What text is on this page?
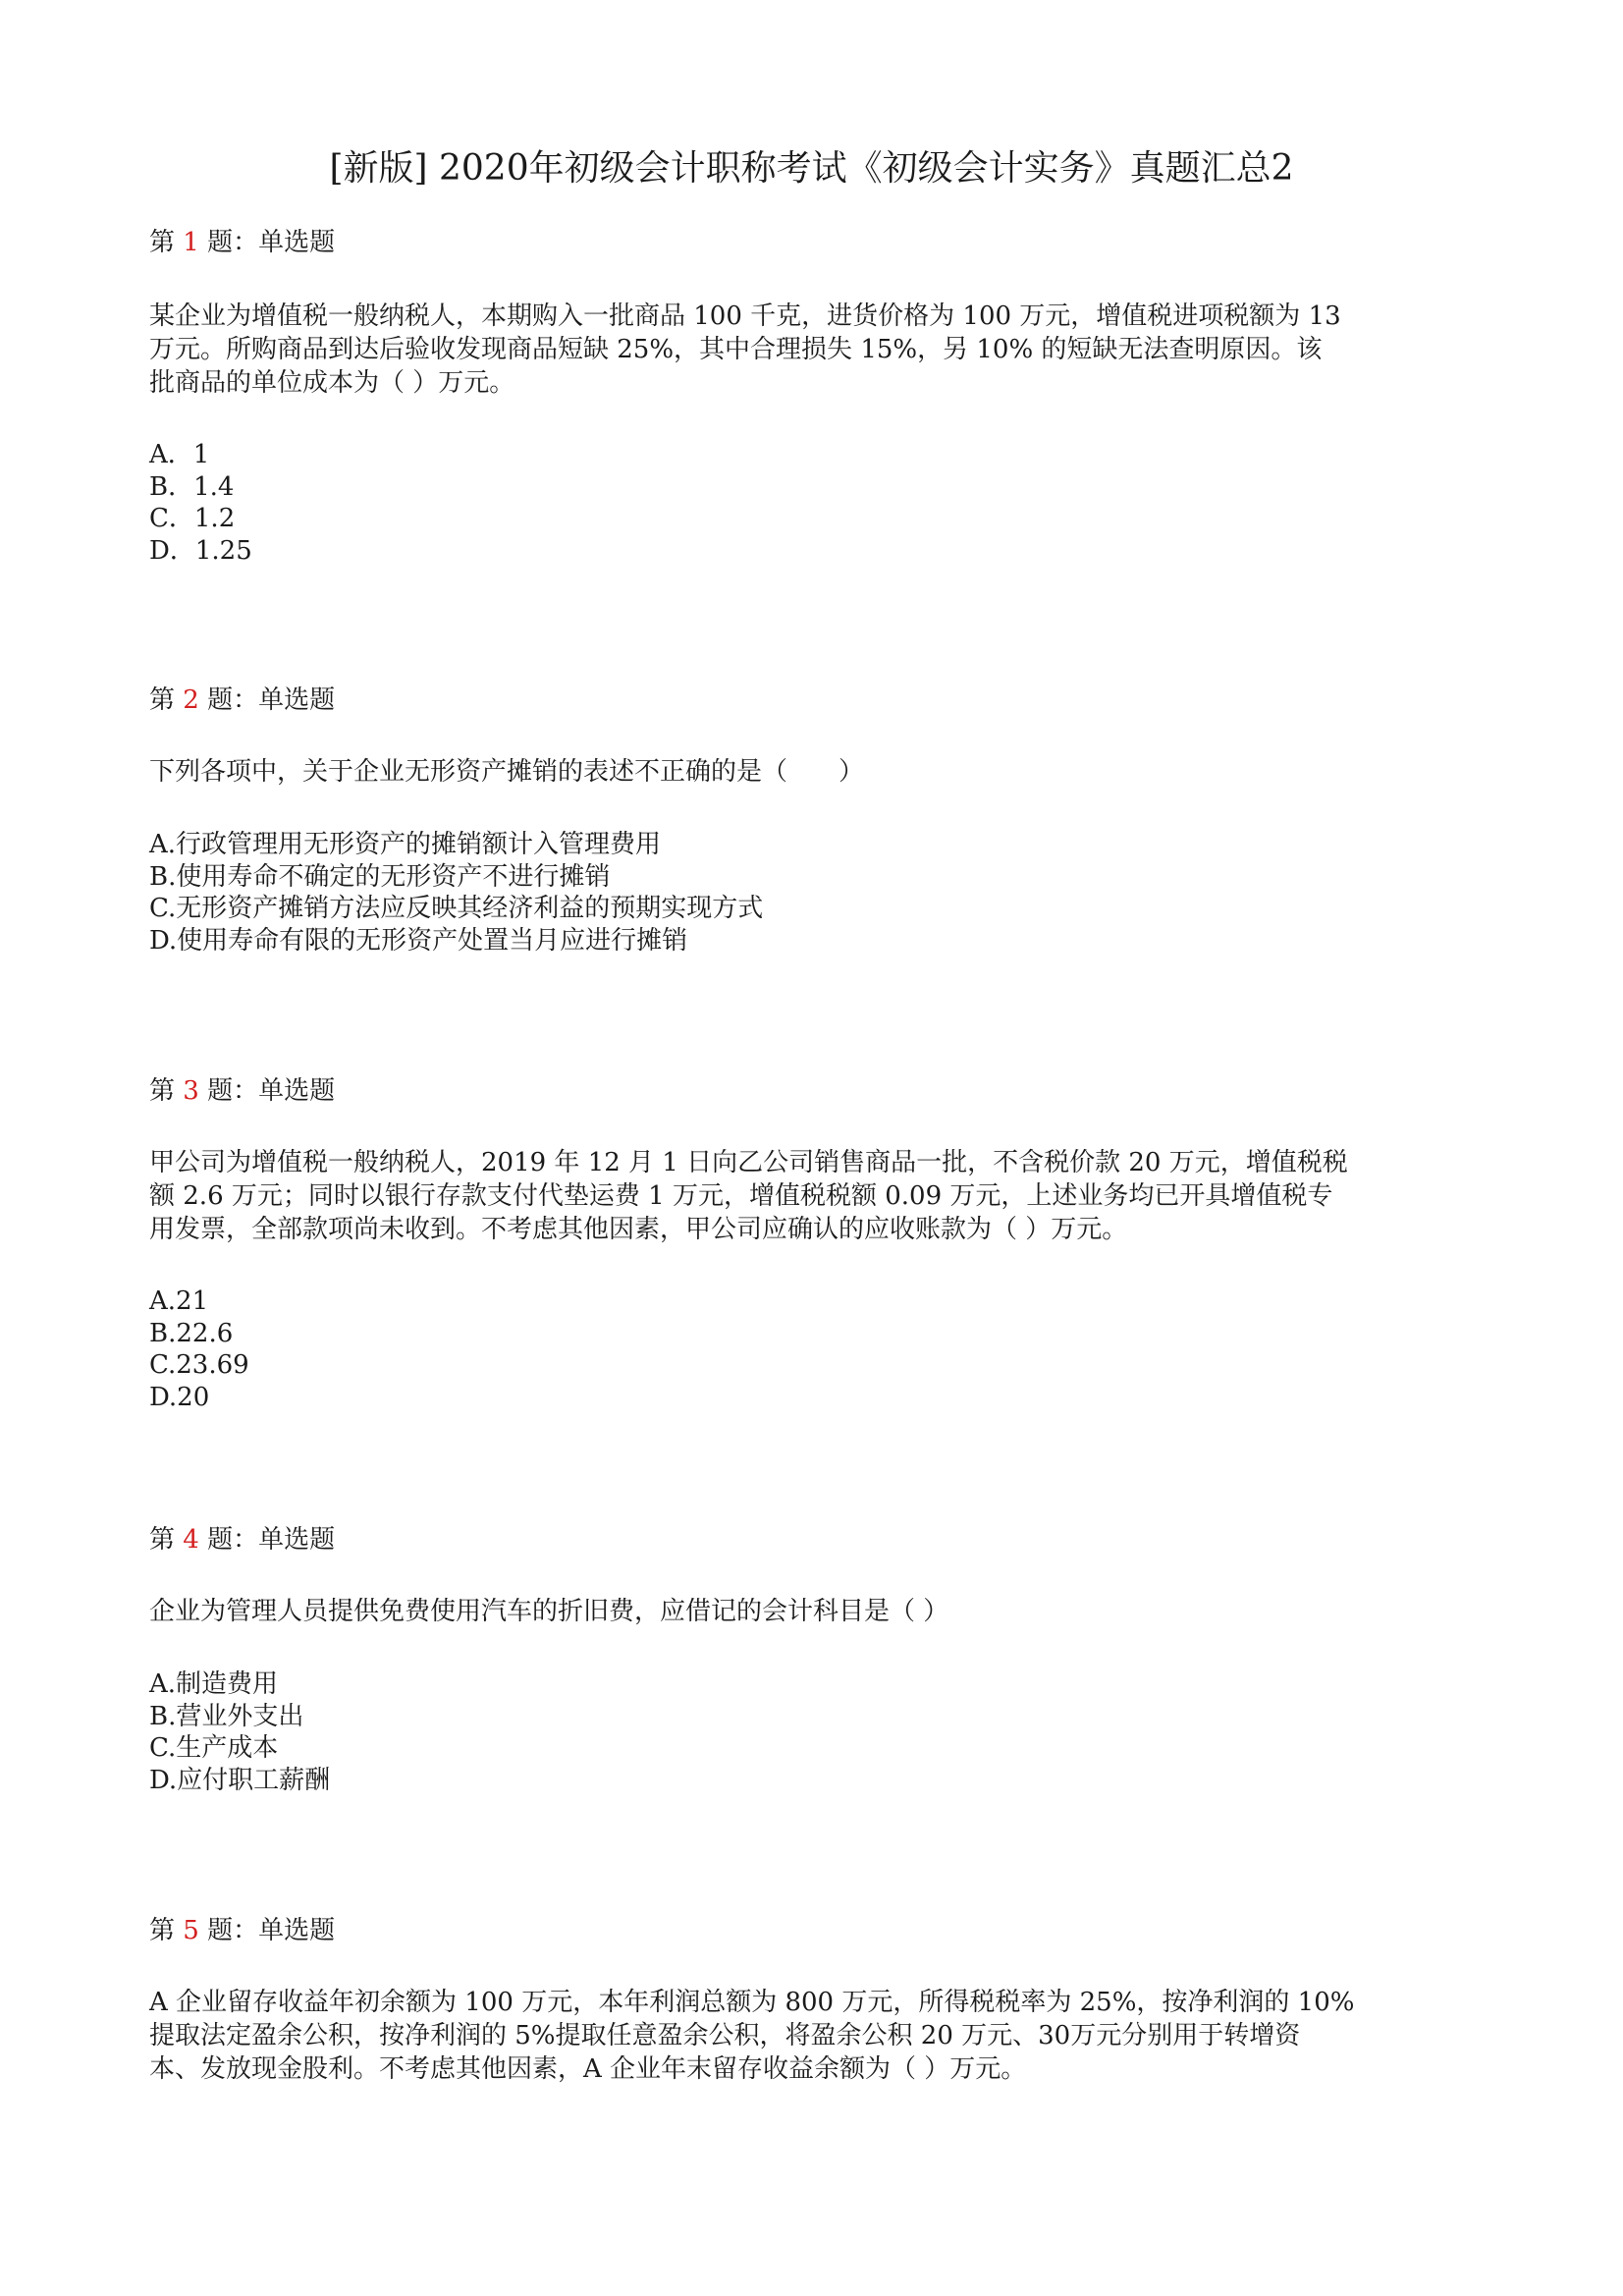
[新版] 2020年初级会计职称考试《初级会计实务》真题汇总2
第 1 题：单选题
某企业为增值税一般纳税人，本期购入一批商品 100 千克，进货价格为 100 万元，增值税进项税额为 13
万元。所购商品到达后验收发现商品短缺 25%，其中合理损失 15%，另 10% 的短缺无法查明原因。该
批商品的单位成本为（ ）万元。
A．1
B．1.4
C．1.2
D．1.25
第 2 题：单选题
下列各项中，关于企业无形资产摊销的表述不正确的是（　　）
A.行政管理用无形资产的摊销额计入管理费用
B.使用寿命不确定的无形资产不进行摊销
C.无形资产摊销方法应反映其经济利益的预期实现方式
D.使用寿命有限的无形资产处置当月应进行摊销
第 3 题：单选题
甲公司为增值税一般纳税人，2019 年 12 月 1 日向乙公司销售商品一批，不含税价款 20 万元，增值税税
额 2.6 万元；同时以银行存款支付代垫运费 1 万元，增值税税额 0.09 万元，上述业务均已开具增值税专
用发票，全部款项尚未收到。不考虑其他因素，甲公司应确认的应收账款为（ ）万元。
A.21
B.22.6
C.23.69
D.20
第 4 题：单选题
企业为管理人员提供免费使用汽车的折旧费，应借记的会计科目是（ ）
A.制造费用
B.营业外支出
C.生产成本
D.应付职工薪酬
第 5 题：单选题
A 企业留存收益年初余额为 100 万元，本年利润总额为 800 万元，所得税税率为 25%，按净利润的 10%
提取法定盈余公积，按净利润的 5%提取任意盈余公积，将盈余公积 20 万元、30万元分别用于转增资
本、发放现金股利。不考虑其他因素，A 企业年末留存收益余额为（ ）万元。
